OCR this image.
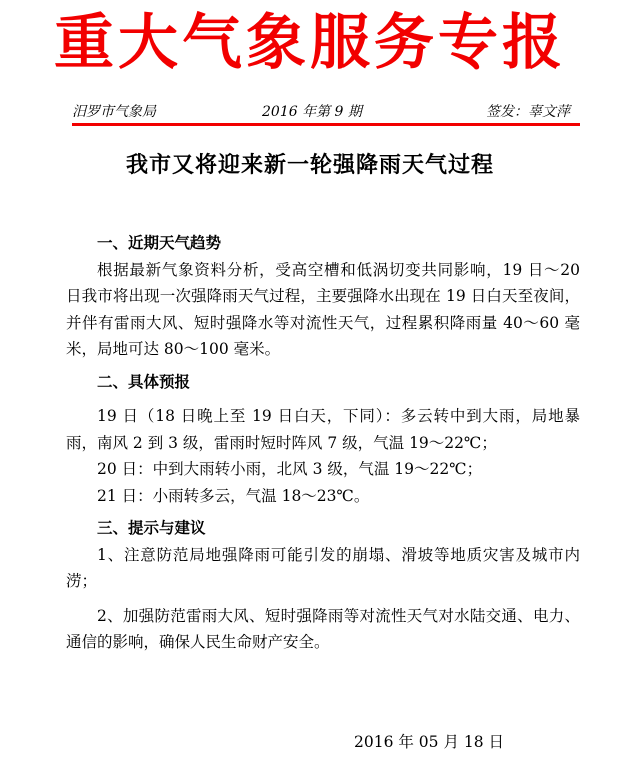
重大气象服务专报
汨罗市气象局	2016 年第 9 期	签发：辜文萍
我市又将迎来新一轮强降雨天气过程
一、近期天气趋势
根据最新气象资料分析，受高空槽和低涡切变共同影响，19 日～20 日我市将出现一次强降雨天气过程，主要强降水出现在 19 日白天至夜间，并伴有雷雨大风、短时强降水等对流性天气，过程累积降雨量 40～60 毫米，局地可达 80～100 毫米。
二、具体预报
19 日（18 日晚上至 19 日白天，下同）：多云转中到大雨，局地暴雨，南风 2 到 3 级，雷雨时短时阵风 7 级，气温 19～22℃；
20 日：中到大雨转小雨，北风 3 级，气温 19～22℃；
21 日：小雨转多云，气温 18～23℃。
三、提示与建议
1、注意防范局地强降雨可能引发的崩塌、滑坡等地质灾害及城市内涝；
2、加强防范雷雨大风、短时强降雨等对流性天气对水陆交通、电力、通信的影响，确保人民生命财产安全。
2016 年 05 月 18 日
